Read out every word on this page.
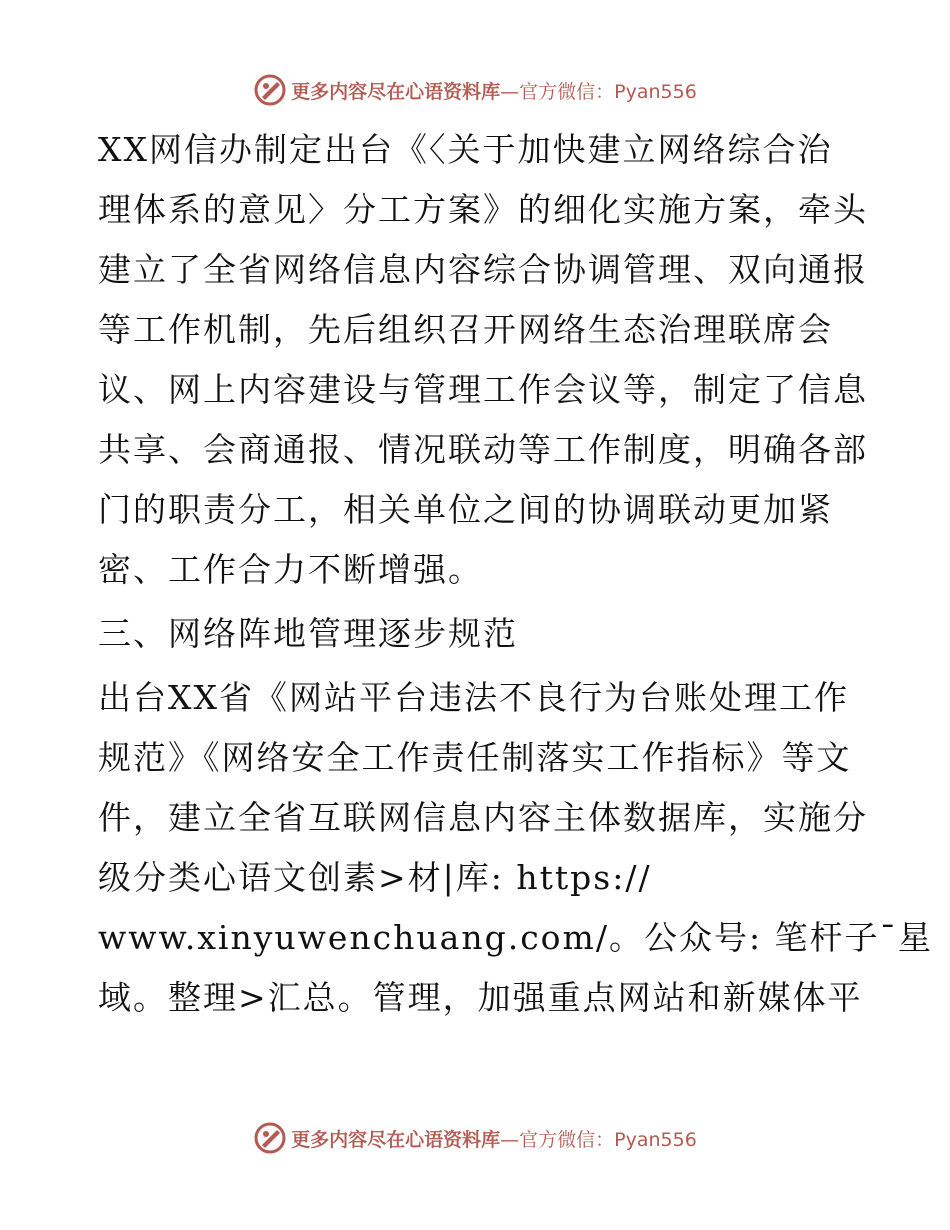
更多内容尽在心语资料库—官方微信：Pyan556
XX网信办制定出台《〈关于加快建立网络综合治
理体系的意见〉分工方案》的细化实施方案，牵头
建立了全省网络信息内容综合协调管理、双向通报
等工作机制，先后组织召开网络生态治理联席会
议、网上内容建设与管理工作会议等，制定了信息
共享、会商通报、情况联动等工作制度，明确各部
门的职责分工，相关单位之间的协调联动更加紧
密、工作合力不断增强。
三、网络阵地管理逐步规范
出台XX省《网站平台违法不良行为台账处理工作
规范》《网络安全工作责任制落实工作指标》等文
件，建立全省互联网信息内容主体数据库，实施分
级分类心语文创素>材|库: https://
www.xinyuwenchuang.com/。公众号: 笔杆子¯星
域。整理>汇总。管理，加强重点网站和新媒体平
更多内容尽在心语资料库—官方微信：Pyan556
